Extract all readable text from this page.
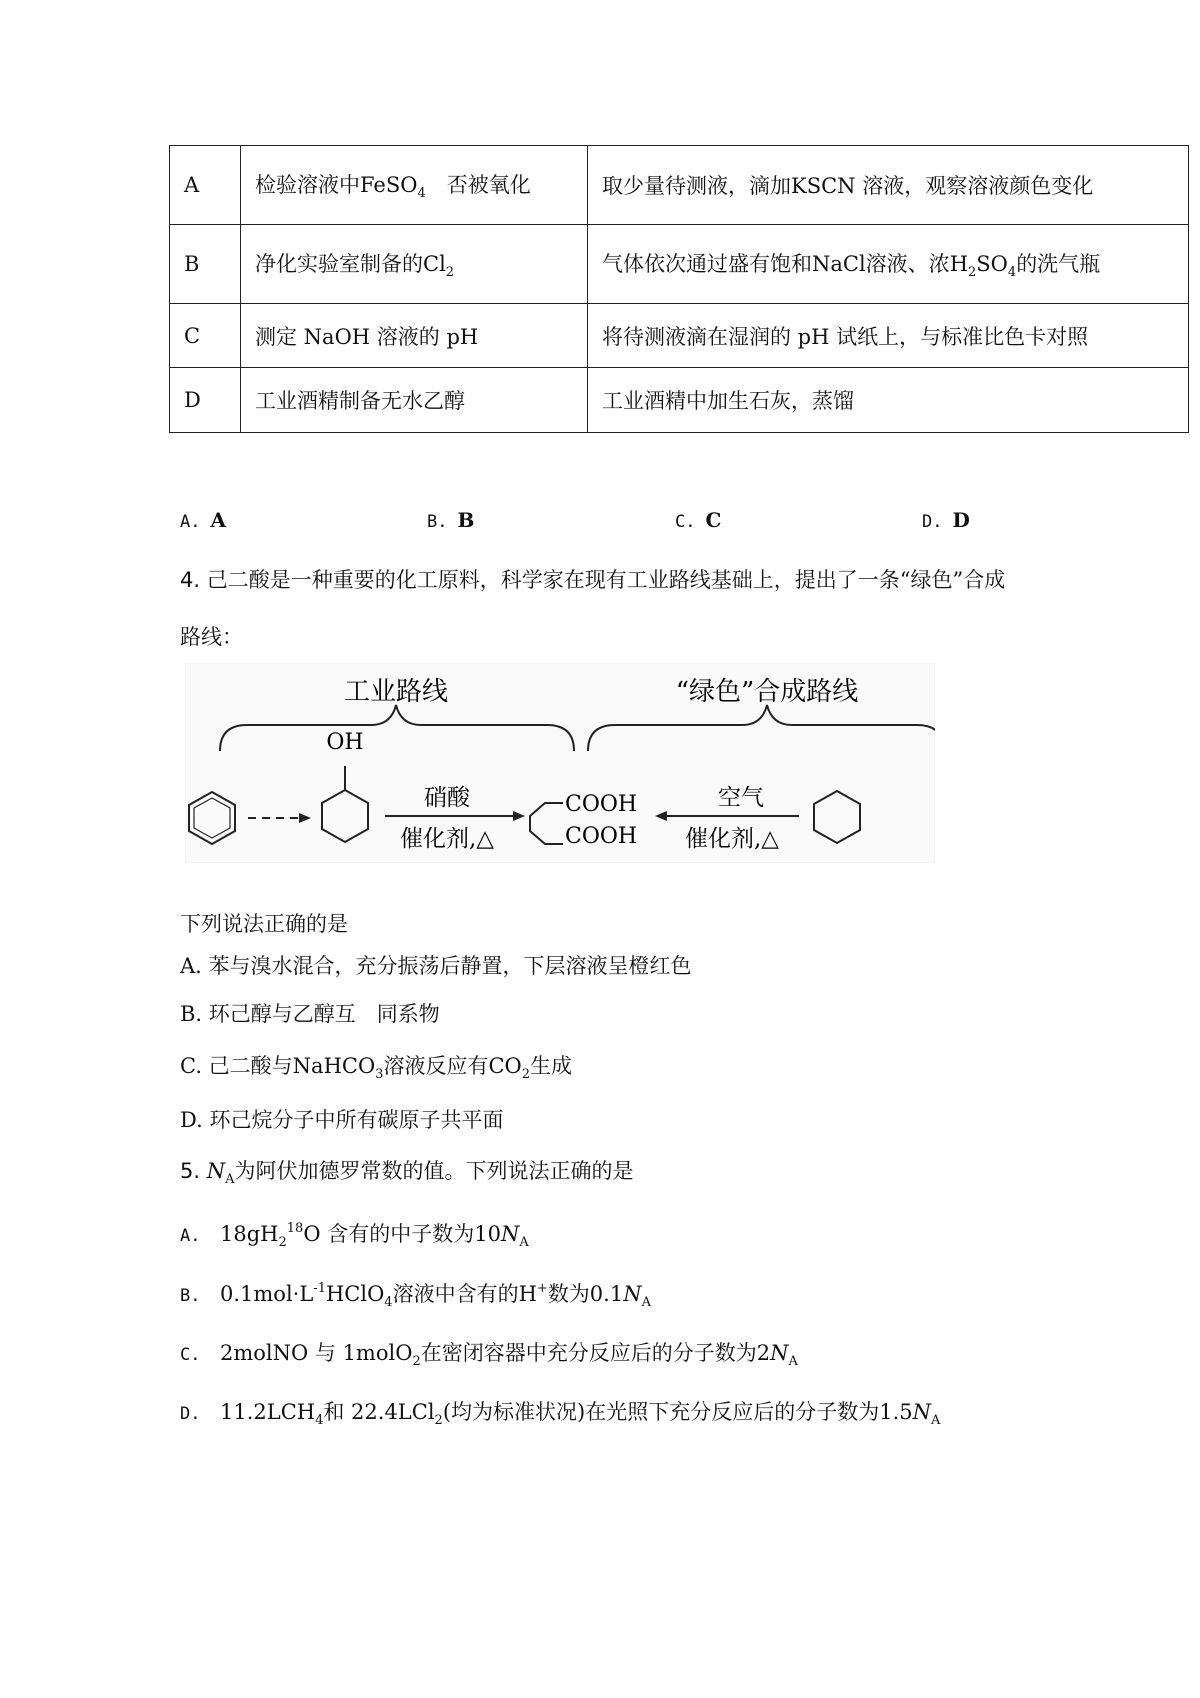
A	检验溶液中FeSO$_4$　否被氧化	取少量待测液，滴加KSCN 溶液，观察溶液颜色变化
B	净化实验室制备的$Cl_2$	气体依次通过盛有饱和NaCl溶液、浓$H_2SO_4$的洗气瓶
C	测定 NaOH 溶液的 pH	将待测液滴在湿润的 pH 试纸上，与标准比色卡对照
D	工业酒精制备无水乙醇	工业酒精中加生石灰，蒸馏
A. A	B. B	C. C	D. D
4. 己二酸是一种重要的化工原料，科学家在现有工业路线基础上，提出了一条“绿色”合成
路线：
工业路线	“绿色”合成路线
OH
硝酸
催化剂,△
COOH
COOH
空气
催化剂,△
下列说法正确的是
A. 苯与溴水混合，充分振荡后静置，下层溶液呈橙红色
B. 环己醇与乙醇互　同系物
C. 己二酸与NaHCO$_3$溶液反应有$CO_2$生成
D. 环己烷分子中所有碳原子共平面
5. $N_A$为阿伏加德罗常数的值。下列说法正确的是
A. $18gH_2^{18}O$ 含有的中子数为$10N_A$
B. $0.1mol\cdot L^{-1}HClO_4$溶液中含有的H+数为$0.1N_A$
C. 2molNO 与 1molO$_2$在密闭容器中充分反应后的分子数为$2N_A$
D. $11.2LCH_4$和 22.4LCl$_2$(均为标准状况)在光照下充分反应后的分子数为$1.5N_A$
